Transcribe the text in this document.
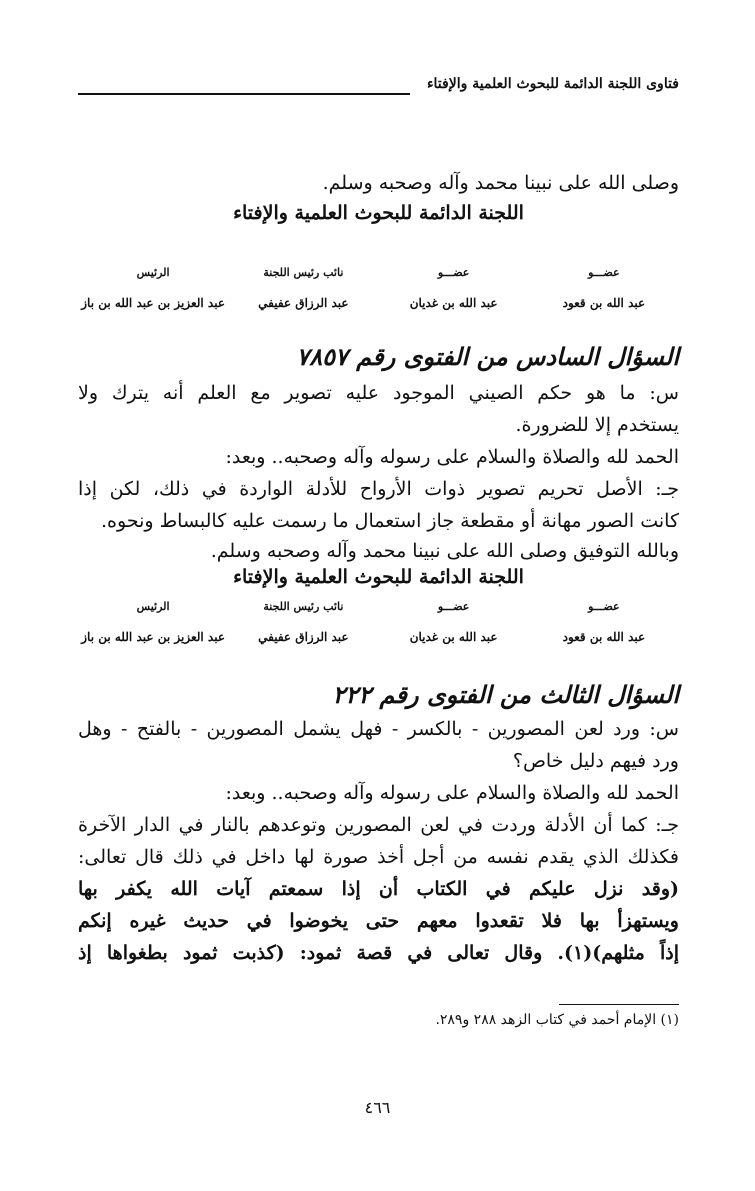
فتاوى اللجنة الدائمة للبحوث العلمية والإفتاء
وصلى الله على نبينا محمد وآله وصحبه وسلم.
اللجنة الدائمة للبحوث العلمية والإفتاء
عضـــو
عضـــو
نائب رئيس اللجنة
الرئيس
عبد الله بن قعود
عبد الله بن غديان
عبد الرزاق عفيفي
عبد العزيز بن عبد الله بن باز
السؤال السادس من الفتوى رقم ٧٨٥٧
س: ما هو حكم الصيني الموجود عليه تصوير مع العلم أنه يترك ولا
يستخدم إلا للضرورة.
الحمد لله والصلاة والسلام على رسوله وآله وصحبه.. وبعد:
جـ: الأصل تحريم تصوير ذوات الأرواح للأدلة الواردة في ذلك، لكن إذا
كانت الصور مهانة أو مقطعة جاز استعمال ما رسمت عليه كالبساط ونحوه.
وبالله التوفيق وصلى الله على نبينا محمد وآله وصحبه وسلم.
اللجنة الدائمة للبحوث العلمية والإفتاء
عضـــو
عضـــو
نائب رئيس اللجنة
الرئيس
عبد الله بن قعود
عبد الله بن غديان
عبد الرزاق عفيفي
عبد العزيز بن عبد الله بن باز
السؤال الثالث من الفتوى رقم ٢٢٢
س: ورد لعن المصورين - بالكسر - فهل يشمل المصورين - بالفتح - وهل
ورد فيهم دليل خاص؟
الحمد لله والصلاة والسلام على رسوله وآله وصحبه.. وبعد:
جـ: كما أن الأدلة وردت في لعن المصورين وتوعدهم بالنار في الدار الآخرة
فكذلك الذي يقدم نفسه من أجل أخذ صورة لها داخل في ذلك قال تعالى:
(وقد نزل عليكم في الكتاب أن إذا سمعتم آيات الله يكفر بها
ويستهزأ بها فلا تقعدوا معهم حتى يخوضوا في حديث غيره إنكم
إذاً مثلهم)(١). وقال تعالى في قصة ثمود: (كذبت ثمود بطغواها إذ
(١) الإمام أحمد في كتاب الزهد ٢٨٨ و٢٨٩.
٤٦٦
